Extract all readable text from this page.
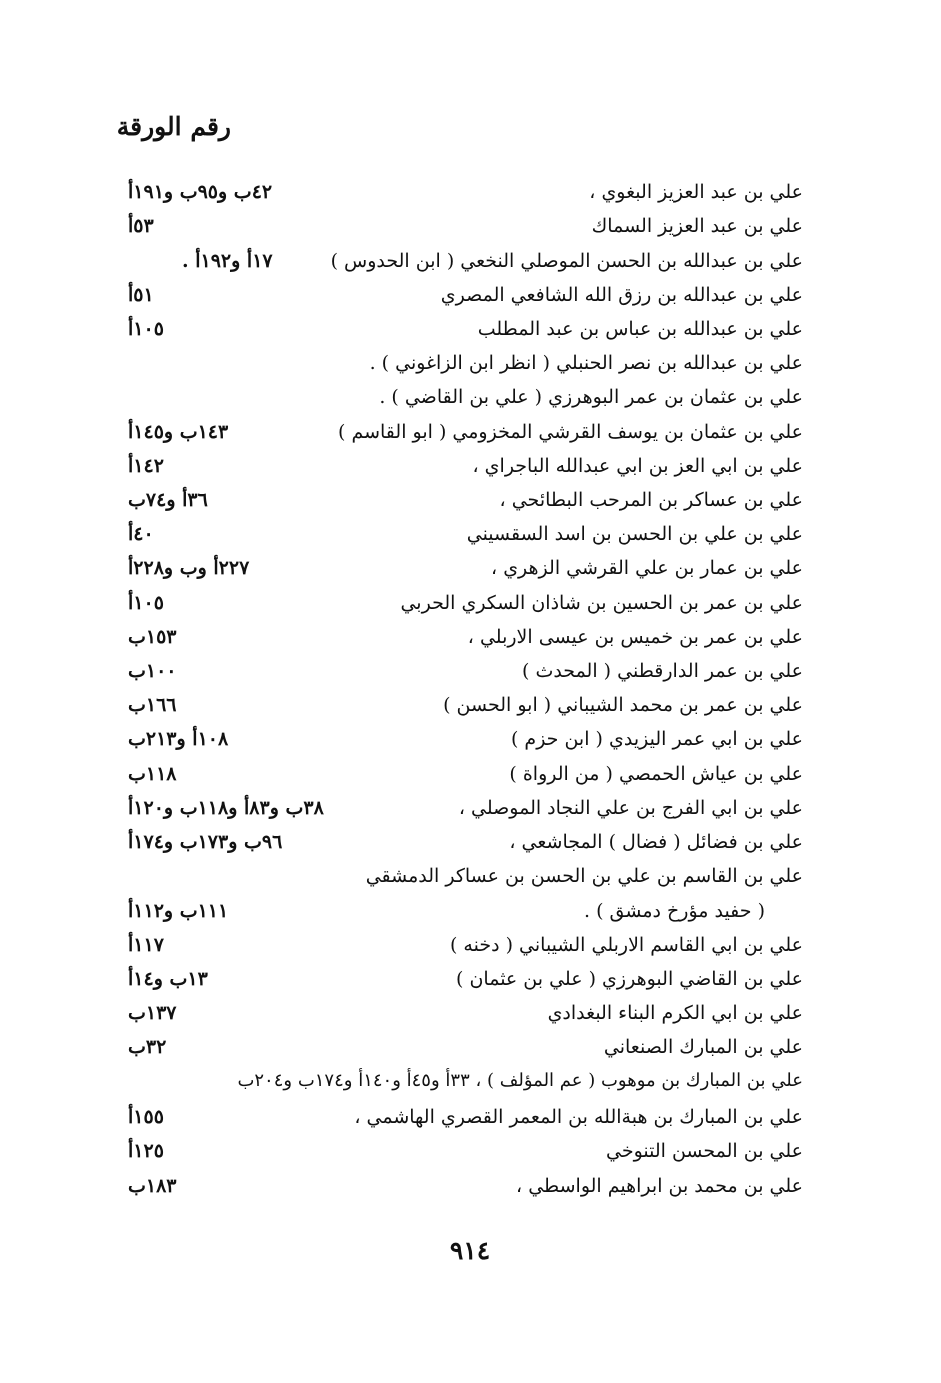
رقم الورقة
علي بن عبد العزيز البغوي ،
٤٢ب و٩٥ب و١٩١أ
علي بن عبد العزيز السماك
٥٣أ
علي بن عبدالله بن الحسن الموصلي النخعي ( ابن الحدوس )
١٧أ و١٩٢أ .
علي بن عبدالله بن رزق الله الشافعي المصري
٥١أ
علي بن عبدالله بن عباس بن عبد المطلب
١٠٥أ
علي بن عبدالله بن نصر الحنبلي ( انظر ابن الزاغوني ) .
علي بن عثمان بن عمر البوهرزي ( علي بن القاضي ) .
علي بن عثمان بن يوسف القرشي المخزومي ( ابو القاسم )
١٤٣ب و١٤٥أ
علي بن ابي العز بن ابي عبدالله الباجراي ،
١٤٢أ
علي بن عساكر بن المرحب البطائحي ،
٣٦أ و٧٤ب
علي بن علي بن الحسن بن اسد السقسيني
٤٠أ
علي بن عمار بن علي القرشي الزهري ،
٢٢٧أ وب و٢٢٨أ
علي بن عمر بن الحسين بن شاذان السكري الحربي
١٠٥أ
علي بن عمر بن خميس بن عيسى الاربلي ،
١٥٣ب
علي بن عمر الدارقطني ( المحدث )
١٠٠ب
علي بن عمر بن محمد الشيباني ( ابو الحسن )
١٦٦ب
علي بن ابي عمر اليزيدي ( ابن حزم )
١٠٨أ و٢١٣ب
علي بن عياش الحمصي ( من الرواة )
١١٨ب
علي بن ابي الفرج بن علي النجاد الموصلي ،
٣٨ب و٨٣أ و١١٨ب و١٢٠أ
علي بن فضائل ( فضال ) المجاشعي ،
٩٦ب و١٧٣ب و١٧٤أ
علي بن القاسم بن علي بن الحسن بن عساكر الدمشقي
( حفيد مؤرخ دمشق ) .
١١١ب و١١٢أ
علي بن ابي القاسم الاربلي الشيباني ( دخنه )
١١٧أ
علي بن القاضي البوهرزي ( علي بن عثمان )
١٣ب و١٤أ
علي بن ابي الكرم البناء البغدادي
١٣٧ب
علي بن المبارك الصنعاني
٣٢ب
علي بن المبارك بن موهوب ( عم المؤلف ) ، ٣٣أ و٤٥أ و١٤٠أ و١٧٤ب و٢٠٤ب
علي بن المبارك بن هبةالله بن المعمر القصري الهاشمي ،
١٥٥أ
علي بن المحسن التنوخي
١٢٥أ
علي بن محمد بن ابراهيم الواسطي ،
١٨٣ب
٩١٤
